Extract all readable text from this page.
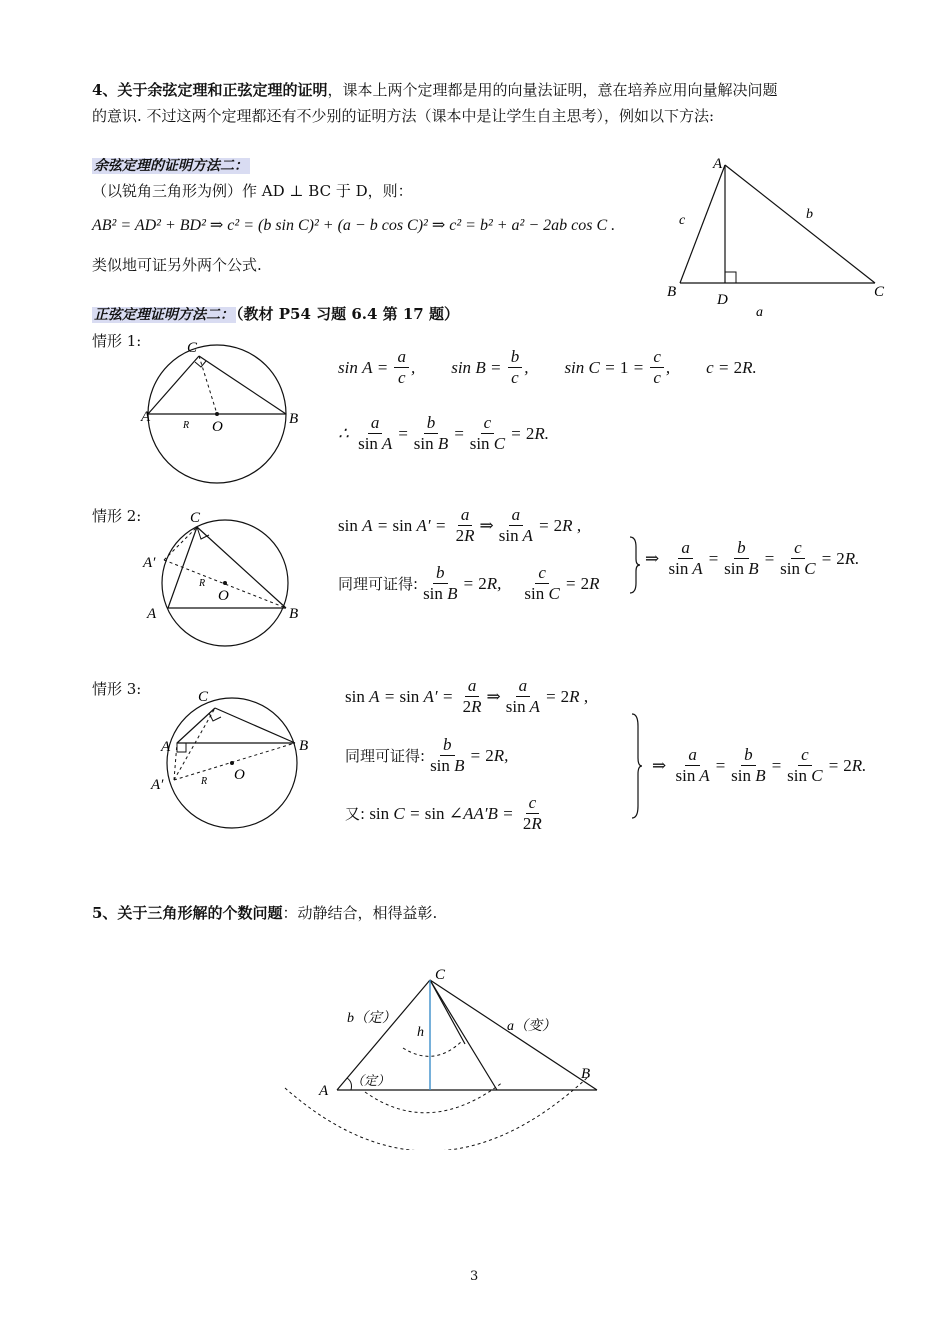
4、关于余弦定理和正弦定理的证明，课本上两个定理都是用的向量法证明，意在培养应用向量解决问题
的意识. 不过这两个定理都还有不少别的证明方法（课本中是让学生自主思考），例如以下方法:
余弦定理的证明方法二：
（以锐角三角形为例）作 AD ⊥ BC 于 D，则：
AB² = AD² + BD² ⇒ c² = (b sin C)² + (a − b cos C)² ⇒ c² = b² + a² − 2ab cos C .
类似地可证另外两个公式.
A
B	C
D
a
b
c
正弦定理证明方法二： （教材 P54 习题 6.4 第 17 题）
情形 1:	C
A	B
O
R
$\sin A = \frac{a}{c}$ ,
$\sin B = \frac{b}{c}$ ,
$\sin C = 1 = \frac{c}{c}$ ,
c = 2 R.
∴ $\frac{a}{\text{sin A}} = \frac{b}{\text{sin B}} = \frac{c}{\text{sin C}} = 2$ R.
情形 2:	C
A′
A	B
O
R
$\sin A = \sin A' = \frac{a}{2R}$ ⇒ $\frac{a}{\text{sin A}} = 2$ R ,
同理可证得: $\frac{b}{\text{sin B}} = 2$ R, $\frac{c}{\text{sin C}} = 2$ R
⇒ $\frac{a}{\text{sin A}} = \frac{b}{\text{sin B}} = \frac{c}{\text{sin C}} = 2$ R.
情形 3:	C
A
A′
B
O
R
$\sin A = \sin A' = \frac{a}{2R}$ ⇒ $\frac{a}{\text{sin A}} = 2$ R ,
同理可证得: $\frac{b}{\text{sin B}} = 2$ R,
又:
sin C = sin ∠ $AA'B = \frac{c}{2R}$
⇒ $\frac{a}{\text{sin A}} = \frac{b}{\text{sin B}} = \frac{c}{\text{sin C}} = 2$ R.
5、关于三角形解的个数问题：动静结合，相得益彰.
C
A
B
h
b（定）
a（变）
（定）
3
